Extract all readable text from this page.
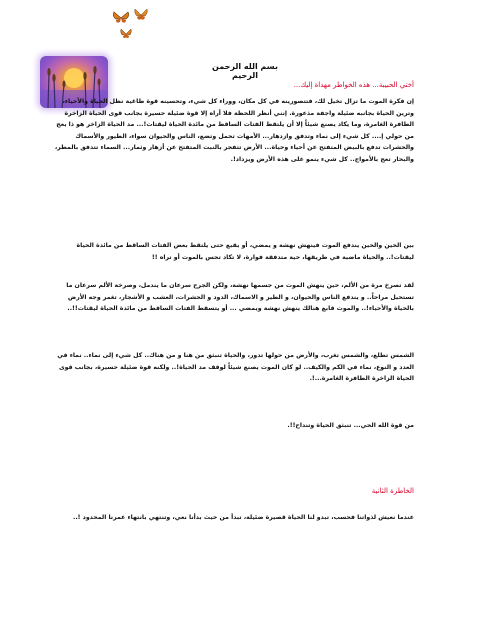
بسم الله الرحمن الرحيم

أختي الحبيبة... هذه الخواطر مهداة إليك...

إن فكرة الموت ما تزال تخيل لك، فتتصورينه في كل مكان، ووراء كل شيء، وتحسينه قوة طاغية تظل الحياة والأحياء، وترين الحياة بجانبه ضئيلة واجفة مذعورة. إنني أنظر اللحظة فلا أراه إلا قوة ضئيلة حسيرة بجانب قوى الحياة الزاخرة الطافرة الغامرة، وما يكاد يصنع شيئاً إلا أن يلتقط الفتات الساقط من مائدة الحياة ليقتات!... مد الحياة الزاخر هو ذا يعج من حولي إ.... كل شيء إلى نماء وتدفق وازدهار... الأمهات تحمل وتضع، الناس والحيوان سواء، الطيور والأسماك والحشرات تدفع بالبيض المتفتح عن أحياء وحياة... الأرض تتفجر بالنبت المتفتح عن أزهار وثمار... السماء تتدفق بالمطر، والبحار تعج بالأمواج.. كل شيء ينمو على هذه الأرض ويزداد!.

بين الحين والحين يندفع الموت فينهش نهشة و يمضي، أو يقبع حتى يلتقط بعض الفتات الساقط من مائدة الحياة ليقتات!.. والحياة ماضية في طريقها، حية متدفقة فوارة، لا تكاد تحس بالموت أو تراه !!

لقد تصرخ مرة من الألم، حين ينهش الموت من جسمها نهشة، ولكن الجرح سرعان ما يندمل، وصرخة الألم سرعان ما تستحيل مراحاً.. و يندفع الناس والحيوان، و الطير و الاسماك، الدود و الحشرات، العشب و الأشجار، تغمر وجه الأرض بالحياة والأحياء!.. والموت قابع هنالك ينهش نهشة ويمضي ... أو يتسقط الفتات الساقط من مائدة الحياة ليقتات!!..

الشمس تطلع، والشمس تغرب، والأرض من حولها تدور، والحياة تنبثق من هنا و من هناك.. كل شيء إلى نماء.. نماء في العدد و النوع، نماء في الكم والكيف.. لو كان الموت يصنع شيئاً لوقف مد الحياة!.. ولكنه قوة ضئيلة حسيرة، بجانب قوى الحياة الزاخرة الطافرة الغامرة...!.

من قوة الله الحي... تنبثق الحياة وتنداح!!.

الخاطرة الثانية

عندما نعيش لذواتنا فحسب، تبدو لنا الحياة قصيرة ضئيلة، تبدأ من حيث بدأنا نعي، وتنتهي بانتهاء عمرنا المحدود !..
